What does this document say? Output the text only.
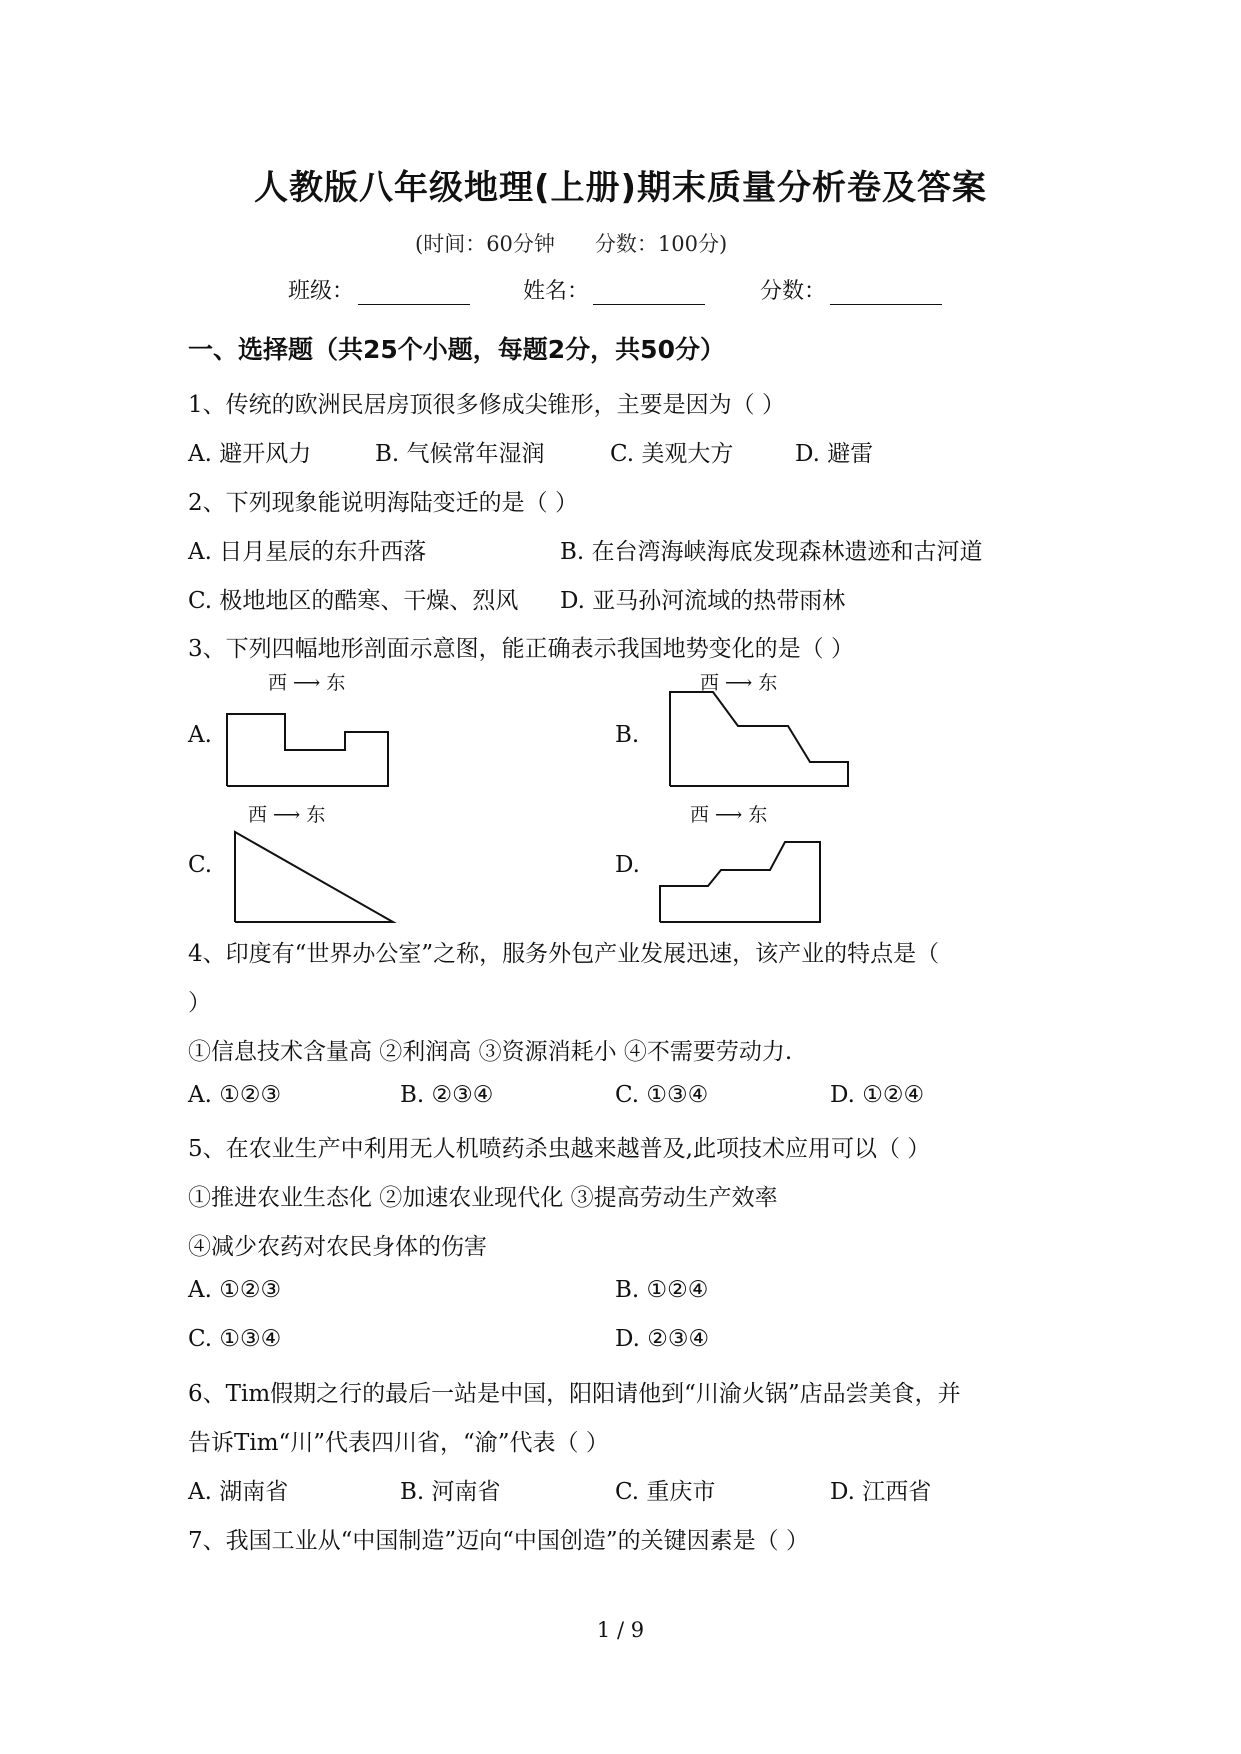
人教版八年级地理(上册)期末质量分析卷及答案
(时间：60分钟 分数：100分)
班级：	姓名：	分数：
一、选择题（共25个小题，每题2分，共50分）
1、传统的欧洲民居房顶很多修成尖锥形，主要是因为（ ）
A. 避开风力	B. 气候常年湿润	C. 美观大方	D. 避雷
2、下列现象能说明海陆变迁的是（ ）
A. 日月星辰的东升西落	B. 在台湾海峡海底发现森林遗迹和古河道
C. 极地地区的酷寒、干燥、烈风 D. 亚马孙河流域的热带雨林
3、下列四幅地形剖面示意图，能正确表示我国地势变化的是（ ）
A.	B.
C.	D.
西 ⟶ 东	西 ⟶ 东
西 ⟶ 东	西 ⟶ 东
4、印度有“世界办公室”之称，服务外包产业发展迅速，该产业的特点是（
）
①信息技术含量高 ②利润高 ③资源消耗小 ④不需要劳动力.
A. ①②③	B. ②③④	C. ①③④	D. ①②④
5、在农业生产中利用无人机喷药杀虫越来越普及,此项技术应用可以（ ）
①推进农业生态化 ②加速农业现代化 ③提高劳动生产效率
④减少农药对农民身体的伤害
A. ①②③	B. ①②④
C. ①③④	D. ②③④
6、Tim假期之行的最后一站是中国，阳阳请他到“川渝火锅”店品尝美食，并
告诉Tim“川”代表四川省，“渝”代表（ ）
A. 湖南省	B. 河南省	C. 重庆市	D. 江西省
7、我国工业从“中国制造”迈向“中国创造”的关键因素是（ ）
1 / 9
